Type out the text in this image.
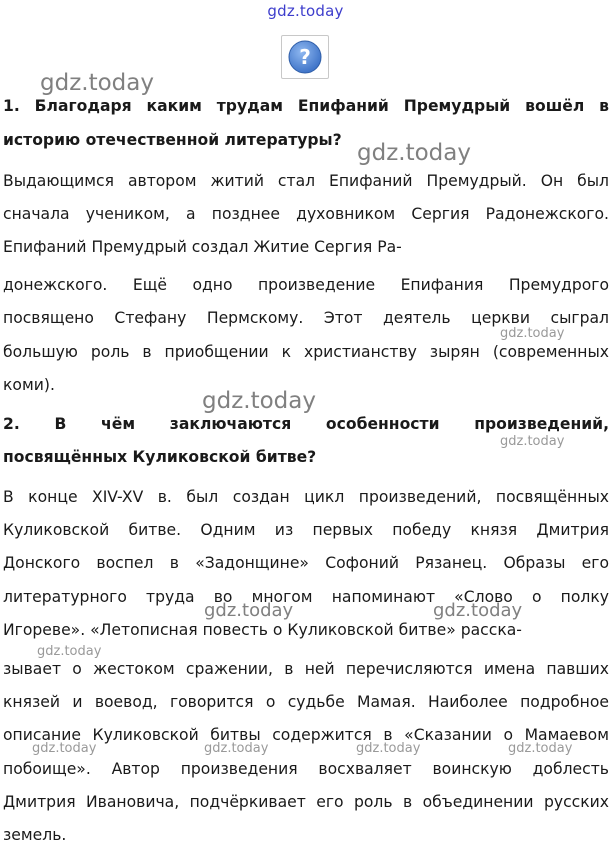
gdz.today
?
1. Благодаря каким трудам Епифаний Премудрый вошёл в
историю отечественной литературы?
Выдающимся автором житий стал Епифаний Премудрый. Он был
сначала учеником, а позднее духовником Сергия Радонежского.
Епифаний Премудрый создал Житие Сергия Ра-
донежского. Ещё одно произведение Епифания Премудрого
посвящено Стефану Пермскому. Этот деятель церкви сыграл
большую роль в приобщении к христианству зырян (современных
коми).
2. В чём заключаются особенности произведений,
посвящённых Куликовской битве?
В конце XIV-XV в. был создан цикл произведений, посвящённых
Куликовской битве. Одним из первых победу князя Дмитрия
Донского воспел в «Задонщине» Софоний Рязанец. Образы его
литературного труда во многом напоминают «Слово о полку
Игореве». «Летописная повесть о Куликовской битве» расска-
зывает о жестоком сражении, в ней перечисляются имена павших
князей и воевод, говорится о судьбе Мамая. Наиболее подробное
описание Куликовской битвы содержится в «Сказании о Мамаевом
побоище». Автор произведения восхваляет воинскую доблесть
Дмитрия Ивановича, подчёркивает его роль в объединении русских
земель.
gdz.today
gdz.today
gdz.today
gdz.today
gdz.today
gdz.today	gdz.today
gdz.today
gdz.today	gdz.today	gdz.today	gdz.today
